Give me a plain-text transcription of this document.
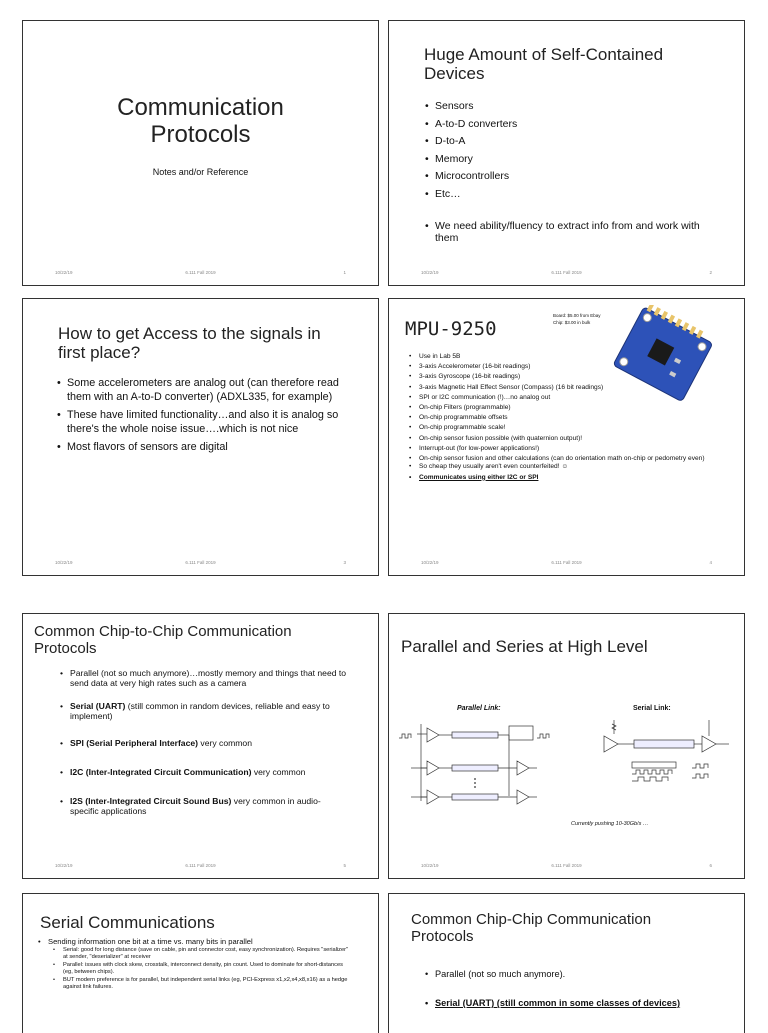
Communication Protocols
Notes and/or Reference
10/22/19	6.111 Fall 2019	1
Huge Amount of Self-Contained Devices
• Sensors
• A-to-D converters
• D-to-A
• Memory
• Microcontrollers
• Etc…
• We need ability/fluency to extract info from and work with them
10/22/19	6.111 Fall 2019	2
How to get Access to the signals in first place?
• Some accelerometers are analog out (can therefore read them with an A-to-D converter) (ADXL335, for example)
• These have limited functionality…and also it is analog so there's the whole noise issue….which is not nice
• Most flavors of sensors are digital
10/22/19	6.111 Fall 2019	3
MPU-9250
Board: $5.00 from Ebay
Chip: $3.00 in bulk
• Use in Lab 5B
• 3-axis Accelerometer (16-bit readings)
• 3-axis Gyroscope (16-bit readings)
• 3-axis Magnetic Hall Effect Sensor (Compass) (16 bit readings)
• SPI or I2C communication (!)…no analog out
• On-chip Filters (programmable)
• On-chip programmable offsets
• On-chip programmable scale!
• On-chip sensor fusion possible (with quaternion output)!
• Interrupt-out (for low-power applications!)
• On-chip sensor fusion and other calculations (can do orientation math on-chip or pedometry even)
• So cheap they usually aren't even counterfeited! ☺
• Communicates using either I2C or SPI
10/22/19	6.111 Fall 2019	4
Common Chip-to-Chip Communication Protocols
• Parallel (not so much anymore)…mostly memory and things that need to send data at very high rates such as a camera
• Serial (UART) (still common in random devices, reliable and easy to implement)
• SPI (Serial Peripheral Interface) very common
• I2C (Inter-Integrated Circuit Communication) very common
• I2S (Inter-Integrated Circuit Sound Bus) very common in audio-specific applications
10/22/19	6.111 Fall 2019	5
Parallel and Series at High Level
Parallel Link:	Serial Link:
Currently pushing 10-30Gb/s …
10/22/19	6.111 Fall 2019	6
Serial Communications
• Sending information one bit at a time vs. many bits in parallel
• Serial: good for long distance (save on cable, pin and connector cost, easy synchronization). Requires "serializer" at sender, "deserializer" at receiver
• Parallel: issues with clock skew, crosstalk, interconnect density, pin count. Used to dominate for short-distances (eg, between chips).
• BUT modern preference is for parallel, but independent serial links (eg, PCI-Express x1,x2,x4,x8,x16) as a hedge against link failures.
Common Chip-Chip Communication Protocols
• Parallel (not so much anymore).
• Serial (UART) (still common in some classes of devices)
